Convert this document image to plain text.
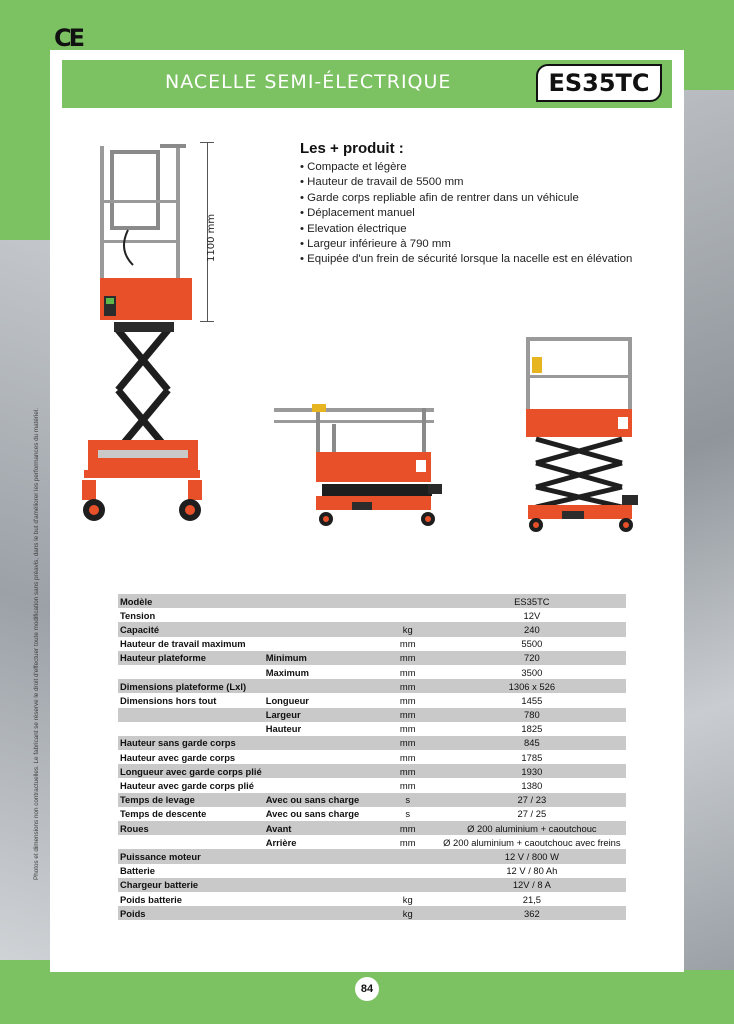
CE
NACELLE SEMI-ÉLECTRIQUE	ES35TC
Photos et dimensions non contractuelles. Le fabricant se réserve le droit d'effectuer toute modification sans préavis, dans le but d'améliorer les performances du matériel.
1100 mm
Les + produit :
• Compacte et légère
• Hauteur de travail de 5500 mm
• Garde corps repliable afin de rentrer dans un véhicule
• Déplacement manuel
• Elevation électrique
• Largeur inférieure à 790 mm
• Equipée d'un frein de sécurité lorsque la nacelle est en élévation
Modèle			ES35TC
Tension			12V
Capacité		kg	240
Hauteur de travail maximum		mm	5500
Hauteur plateforme	Minimum	mm	720
	Maximum	mm	3500
Dimensions plateforme (Lxl)		mm	1306 x 526
Dimensions hors tout	Longueur	mm	1455
	Largeur	mm	780
	Hauteur	mm	1825
Hauteur sans garde corps		mm	845
Hauteur avec garde corps		mm	1785
Longueur avec garde corps plié		mm	1930
Hauteur avec garde corps plié		mm	1380
Temps de levage	Avec ou sans charge	s	27 / 23
Temps de descente	Avec ou sans charge	s	27 / 25
Roues	Avant	mm	Ø 200 aluminium + caoutchouc
	Arrière	mm	Ø 200 aluminium + caoutchouc avec freins
Puissance moteur			12 V / 800 W
Batterie			12 V / 80 Ah
Chargeur batterie			12V / 8 A
Poids batterie		kg	21,5
Poids		kg	362
84
